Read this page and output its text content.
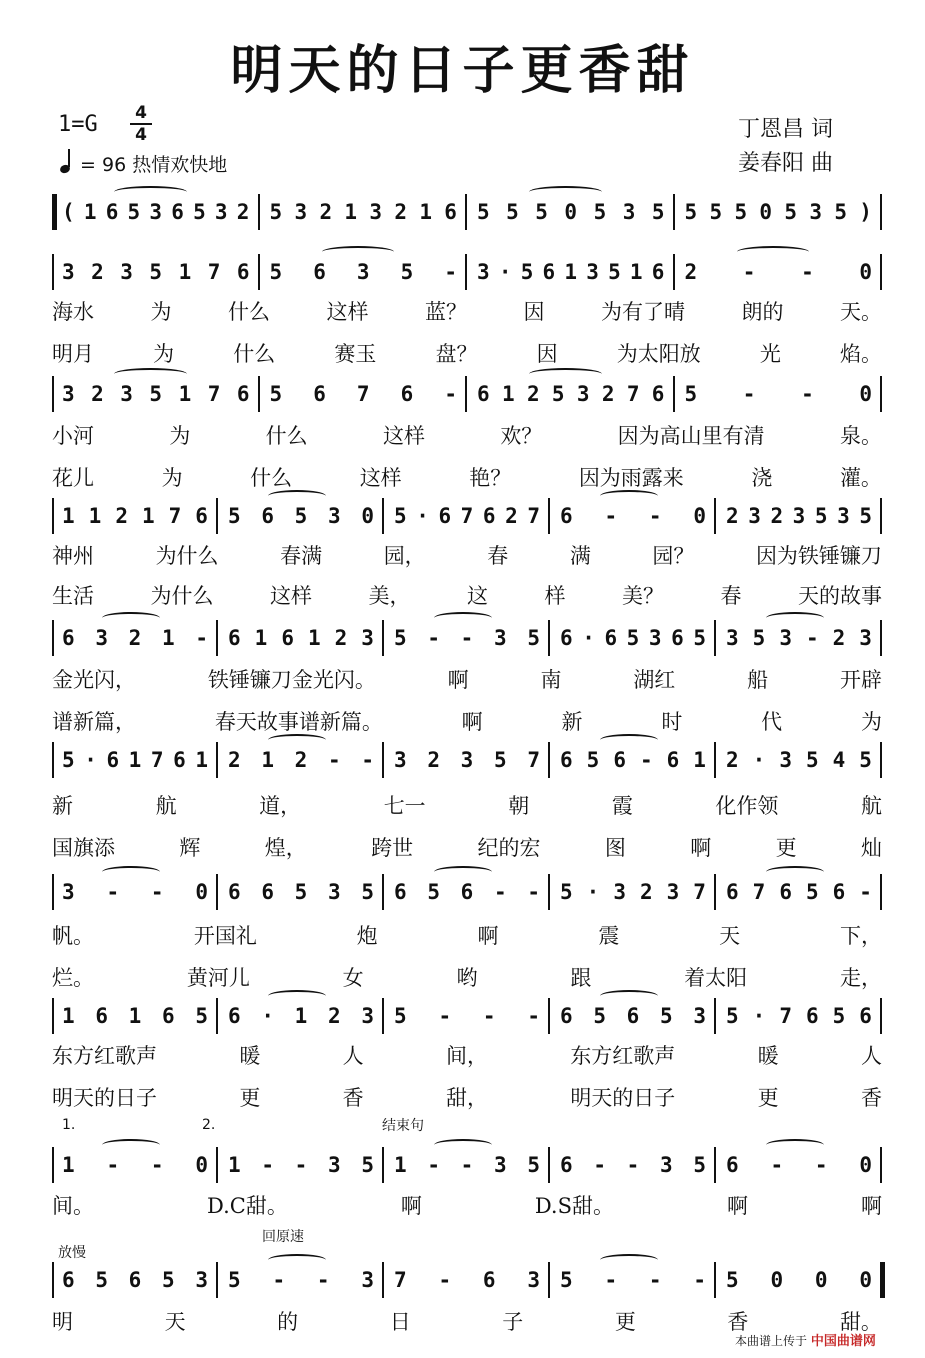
明天的日子更香甜
1=G 4
4
= 96 热情欢快地
丁恩昌 词
姜春阳 曲
( 1 6 5 3 6 5 3 2 5 3 2 1 3 2 1 6 5 5 5 0 5 3 5 5 5 5 0 5 3 5 )
3 2 3 5 1 7 6 5 6 3 5 - 3 · 5 6 1 3 5 1 6 2 - - 0
海水	为	什么	这样	蓝？	因	为有了晴	朗的	天。
明月	为	什么	赛玉	盘？	因	为太阳放	光	焰。
3 2 3 5 1 7 6 5 6 7 6 - 6 1 2 5 3 2 7 6 5 - - 0
小河	为	什么	这样	欢？	因为高山里有清	泉。
花儿	为	什么	这样	艳？	因为雨露来	浇	灌。
1 1 2 1 7 6 5 6 5 3 0 5 · 6 7 6 2 7 6 - - 0 2 3 2 3 5 3 5
神州	为什么	春满	园，	春	满	园？	因为铁锤镰刀
生活	为什么	这样	美，	这	样	美？	春	天的故事
6 3 2 1 - 6 1 6 1 2 3 5 - - 3 5 6 · 6 5 3 6 5 3 5 3 - 2 3
金光闪，	铁锤镰刀金光闪。	啊	南	湖红	船	开辟
谱新篇，	春天故事谱新篇。	啊	新	时	代	为
5 · 6 1 7 6 1 2 1 2 - - 3 2 3 5 7 6 5 6 - 6 1 2 · 3 5 4 5
新	航	道，	七一	朝	霞	化作领	航
国旗添	辉	煌，	跨世	纪的宏	图	啊	更	灿
3 - - 0 6 6 5 3 5 6 5 6 - - 5 · 3 2 3 7 6 7 6 5 6 -
帆。	开国礼	炮	啊	震	天	下，
烂。	黄河儿	女	哟	跟	着太阳	走，
1 6 1 6 5 6 · 1 2 3 5 - - - 6 5 6 5 3 5 · 7 6 5 6
东方红歌声	暖	人	间，	东方红歌声	暖	人
明天的日子	更	香	甜，	明天的日子	更	香
1 - - 0 1 - - 3 5 1 - - 3 5 6 - - 3 5 6 - - 0
间。	D.C甜。	啊	D.S甜。	啊	啊
6 5 6 5 3 5 - - 3 7 - 6 3 5 - - - 5 0 0 0
明	天	的	日	子	更	香	甜。
1.	2.	结束句
放慢
回原速
本曲谱上传于 中国曲谱网
